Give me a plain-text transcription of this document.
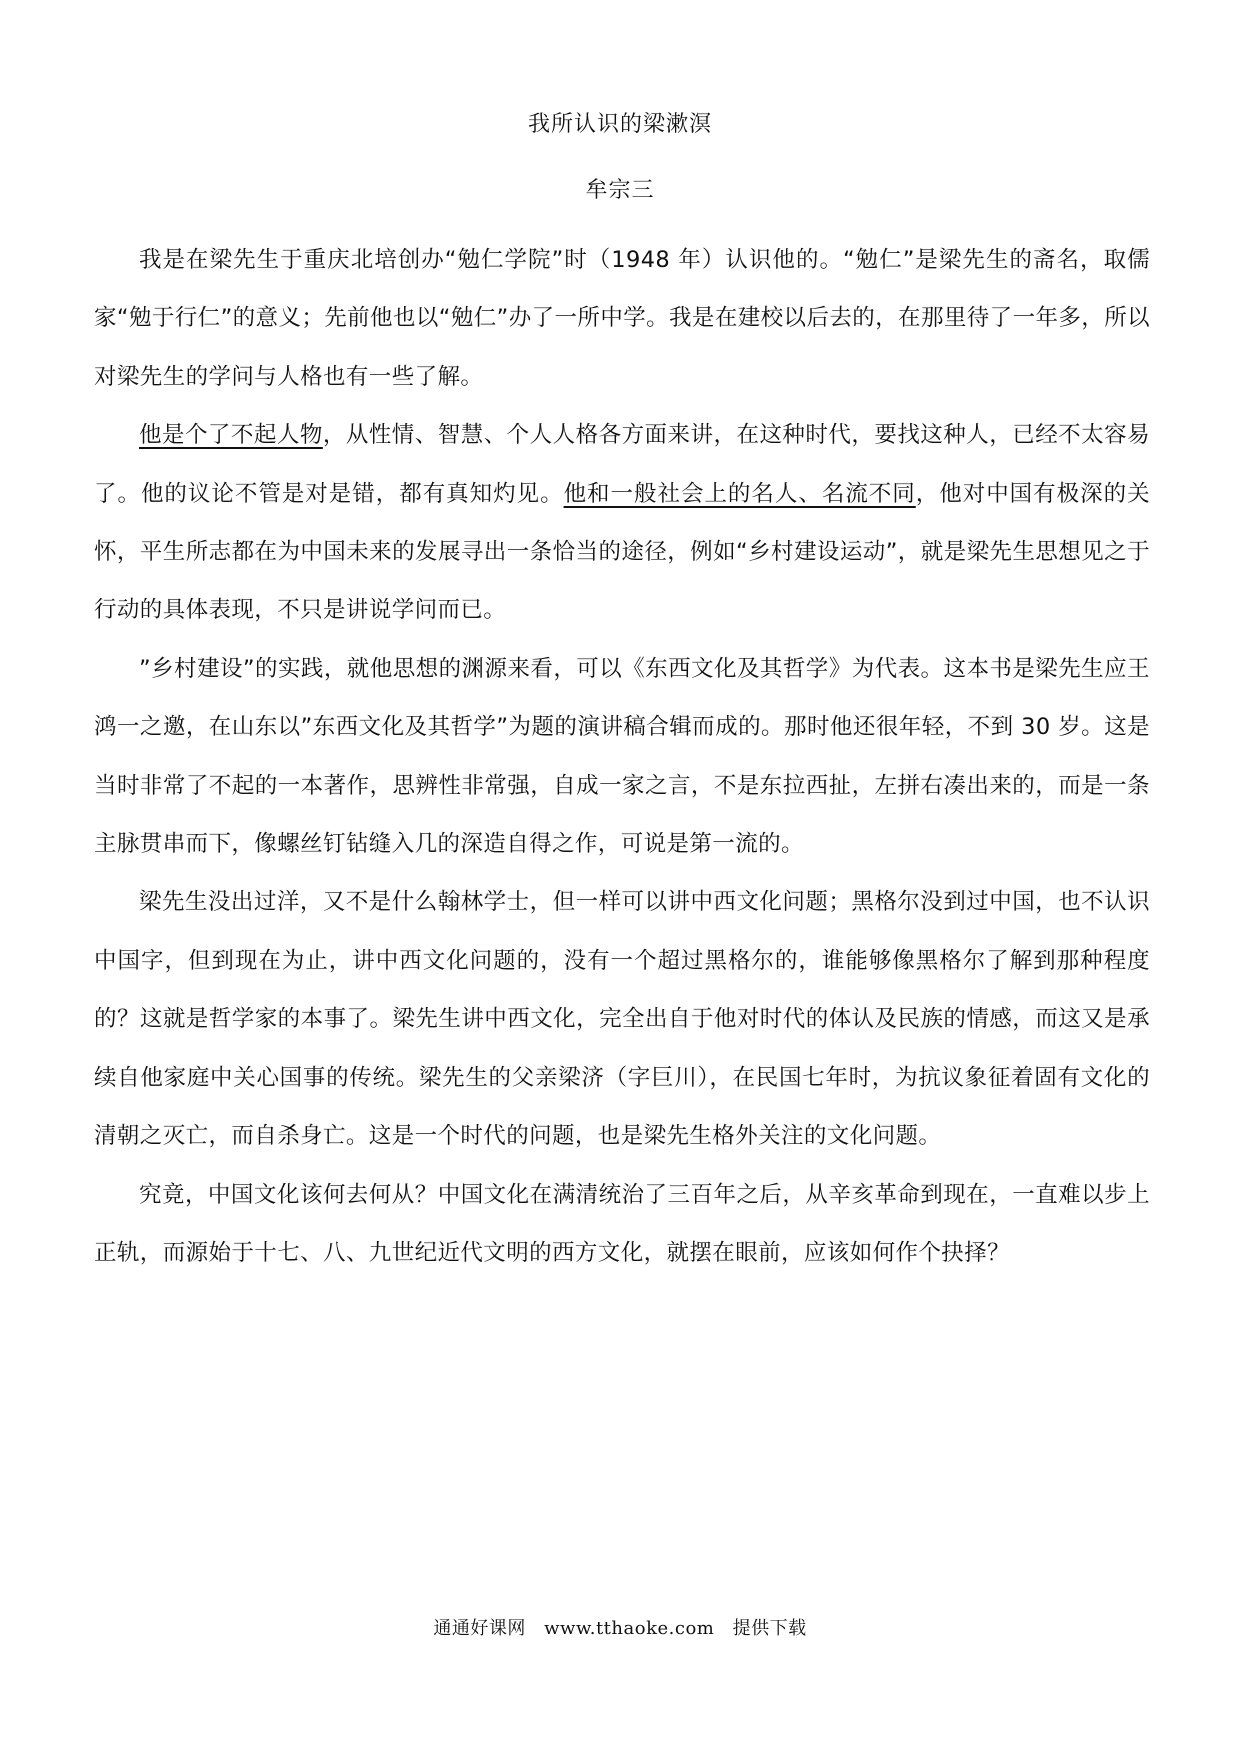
我所认识的梁漱溟
牟宗三

我是在梁先生于重庆北培创办“勉仁学院”时（1948 年）认识他的。“勉仁”是梁先生的斋名，取儒家“勉于行仁”的意义；先前他也以“勉仁”办了一所中学。我是在建校以后去的，在那里待了一年多，所以对梁先生的学问与人格也有一些了解。

他是个了不起人物，从性情、智慧、个人人格各方面来讲，在这种时代，要找这种人，已经不太容易了。他的议论不管是对是错，都有真知灼见。他和一般社会上的名人、名流不同，他对中国有极深的关怀，平生所志都在为中国未来的发展寻出一条恰当的途径，例如“乡村建设运动”，就是梁先生思想见之于行动的具体表现，不只是讲说学问而已。

”乡村建设”的实践，就他思想的渊源来看，可以《东西文化及其哲学》为代表。这本书是梁先生应王鸿一之邀，在山东以”东西文化及其哲学”为题的演讲稿合辑而成的。那时他还很年轻，不到 30 岁。这是当时非常了不起的一本著作，思辨性非常强，自成一家之言，不是东拉西扯，左拼右凑出来的，而是一条主脉贯串而下，像螺丝钉钻缝入几的深造自得之作，可说是第一流的。

梁先生没出过洋，又不是什么翰林学士，但一样可以讲中西文化问题；黑格尔没到过中国，也不认识中国字，但到现在为止，讲中西文化问题的，没有一个超过黑格尔的，谁能够像黑格尔了解到那种程度的？这就是哲学家的本事了。梁先生讲中西文化，完全出自于他对时代的体认及民族的情感，而这又是承续自他家庭中关心国事的传统。梁先生的父亲梁济（字巨川），在民国七年时，为抗议象征着固有文化的清朝之灭亡，而自杀身亡。这是一个时代的问题，也是梁先生格外关注的文化问题。

究竟，中国文化该何去何从？中国文化在满清统治了三百年之后，从辛亥革命到现在，一直难以步上正轨，而源始于十七、八、九世纪近代文明的西方文化，就摆在眼前，应该如何作个抉择？

通通好课网 www.tthaoke.com 提供下载
